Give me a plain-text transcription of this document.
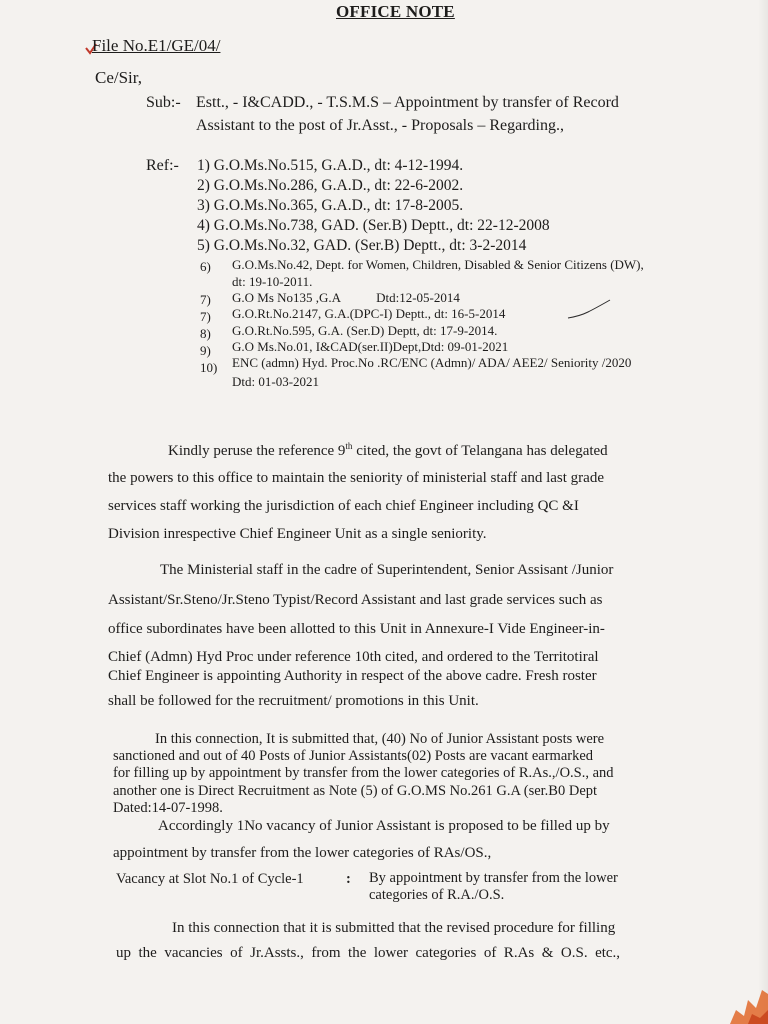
OFFICE NOTE
File No.E1/GE/04/
Ce/Sir,
Sub:- Estt., - I&CADD., - T.S.M.S – Appointment by transfer of Record
Assistant to the post of Jr.Asst., - Proposals – Regarding.,
Ref:- 1) G.O.Ms.No.515, G.A.D., dt: 4-12-1994.
2) G.O.Ms.No.286, G.A.D., dt: 22-6-2002.
3) G.O.Ms.No.365, G.A.D., dt: 17-8-2005.
4) G.O.Ms.No.738, GAD. (Ser.B) Deptt., dt: 22-12-2008
5) G.O.Ms.No.32, GAD. (Ser.B) Deptt., dt: 3-2-2014
6) G.O.Ms.No.42, Dept. for Women, Children, Disabled & Senior Citizens (DW),
dt: 19-10-2011.
7) G.O Ms No135 ,G.A           Dtd:12-05-2014
7) G.O.Rt.No.2147, G.A.(DPC-I) Deptt., dt: 16-5-2014
8) G.O.Rt.No.595, G.A. (Ser.D) Deptt, dt: 17-9-2014.
9) G.O Ms.No.01, I&CAD(ser.II)Dept,Dtd: 09-01-2021
10) ENC (admn) Hyd. Proc.No .RC/ENC (Admn)/ ADA/ AEE2/ Seniority /2020
Dtd: 01-03-2021
Kindly peruse the reference 9th cited, the govt of Telangana has delegated
the powers to this office to maintain the seniority of ministerial staff and last grade
services staff working the jurisdiction of each chief Engineer including QC &I
Division inrespective Chief Engineer Unit as a single seniority.
The Ministerial staff in the cadre of Superintendent, Senior Assisant /Junior
Assistant/Sr.Steno/Jr.Steno Typist/Record Assistant and last grade services such as
office subordinates have been allotted to this Unit in Annexure-I Vide Engineer-in-
Chief (Admn) Hyd Proc under reference 10th cited, and ordered to the Territotiral
Chief Engineer is appointing Authority in respect of the above cadre. Fresh roster
shall be followed for the recruitment/ promotions in this Unit.
In this connection, It is submitted that, (40) No of Junior Assistant posts were
sanctioned and out of 40 Posts of Junior Assistants(02) Posts are vacant earmarked
for filling up by appointment by transfer from the lower categories of R.As.,/O.S., and
another one is Direct Recruitment as Note (5) of G.O.MS No.261 G.A (ser.B0 Dept
Dated:14-07-1998.
Accordingly 1No vacancy of Junior Assistant is proposed to be filled up by
appointment by transfer from the lower categories of RAs/OS.,
Vacancy at Slot No.1 of Cycle-1	: By appointment by transfer from the lower
categories of R.A./O.S.
In this connection that it is submitted that the revised procedure for filling
up  the  vacancies  of  Jr.Assts.,  from  the  lower  categories  of  R.As  &  O.S.  etc.,
